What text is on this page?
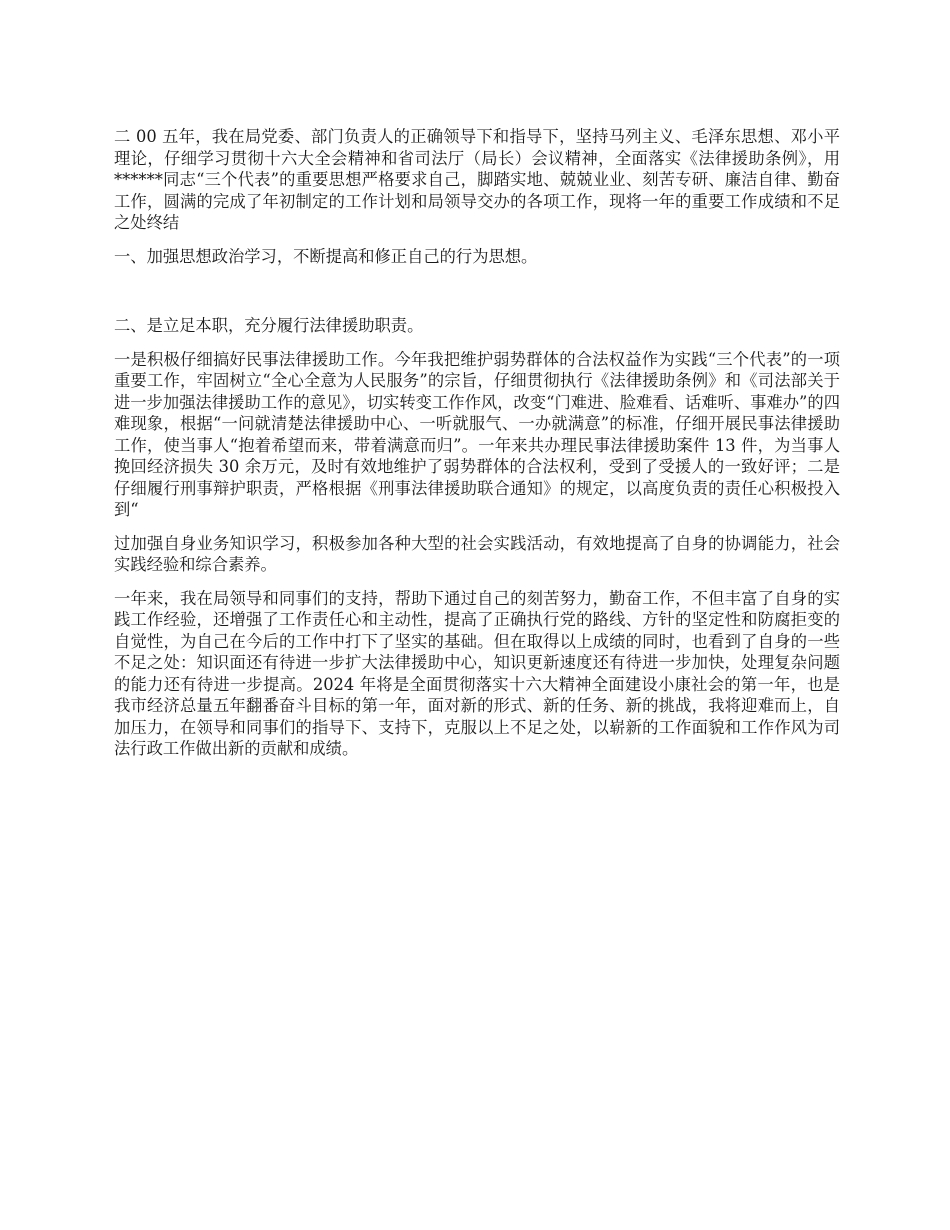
二 00 五年，我在局党委、部门负责人的正确领导下和指导下，坚持马列主义、毛泽东思想、邓小平理论，仔细学习贯彻十六大全会精神和省司法厅（局长）会议精神，全面落实《法律援助条例》，用******同志“三个代表”的重要思想严格要求自己，脚踏实地、兢兢业业、刻苦专研、廉洁自律、勤奋工作，圆满的完成了年初制定的工作计划和局领导交办的各项工作，现将一年的重要工作成绩和不足之处终结

一、加强思想政治学习，不断提高和修正自己的行为思想。

二、是立足本职，充分履行法律援助职责。

一是积极仔细搞好民事法律援助工作。今年我把维护弱势群体的合法权益作为实践“三个代表”的一项重要工作，牢固树立“全心全意为人民服务”的宗旨，仔细贯彻执行《法律援助条例》和《司法部关于进一步加强法律援助工作的意见》，切实转变工作作风，改变“门难进、脸难看、话难听、事难办”的四难现象，根据“一问就清楚法律援助中心、一听就服气、一办就满意”的标准，仔细开展民事法律援助工作，使当事人“抱着希望而来，带着满意而归”。一年来共办理民事法律援助案件 13 件，为当事人挽回经济损失 30 余万元，及时有效地维护了弱势群体的合法权利，受到了受援人的一致好评；二是仔细履行刑事辩护职责，严格根据《刑事法律援助联合通知》的规定，以高度负责的责任心积极投入到“

过加强自身业务知识学习，积极参加各种大型的社会实践活动，有效地提高了自身的协调能力，社会实践经验和综合素养。

一年来，我在局领导和同事们的支持，帮助下通过自己的刻苦努力，勤奋工作，不但丰富了自身的实践工作经验，还增强了工作责任心和主动性，提高了正确执行党的路线、方针的坚定性和防腐拒变的自觉性，为自己在今后的工作中打下了坚实的基础。但在取得以上成绩的同时，也看到了自身的一些不足之处：知识面还有待进一步扩大法律援助中心，知识更新速度还有待进一步加快，处理复杂问题的能力还有待进一步提高。2024 年将是全面贯彻落实十六大精神全面建设小康社会的第一年，也是我市经济总量五年翻番奋斗目标的第一年，面对新的形式、新的任务、新的挑战，我将迎难而上，自加压力，在领导和同事们的指导下、支持下，克服以上不足之处，以崭新的工作面貌和工作作风为司法行政工作做出新的贡献和成绩。
